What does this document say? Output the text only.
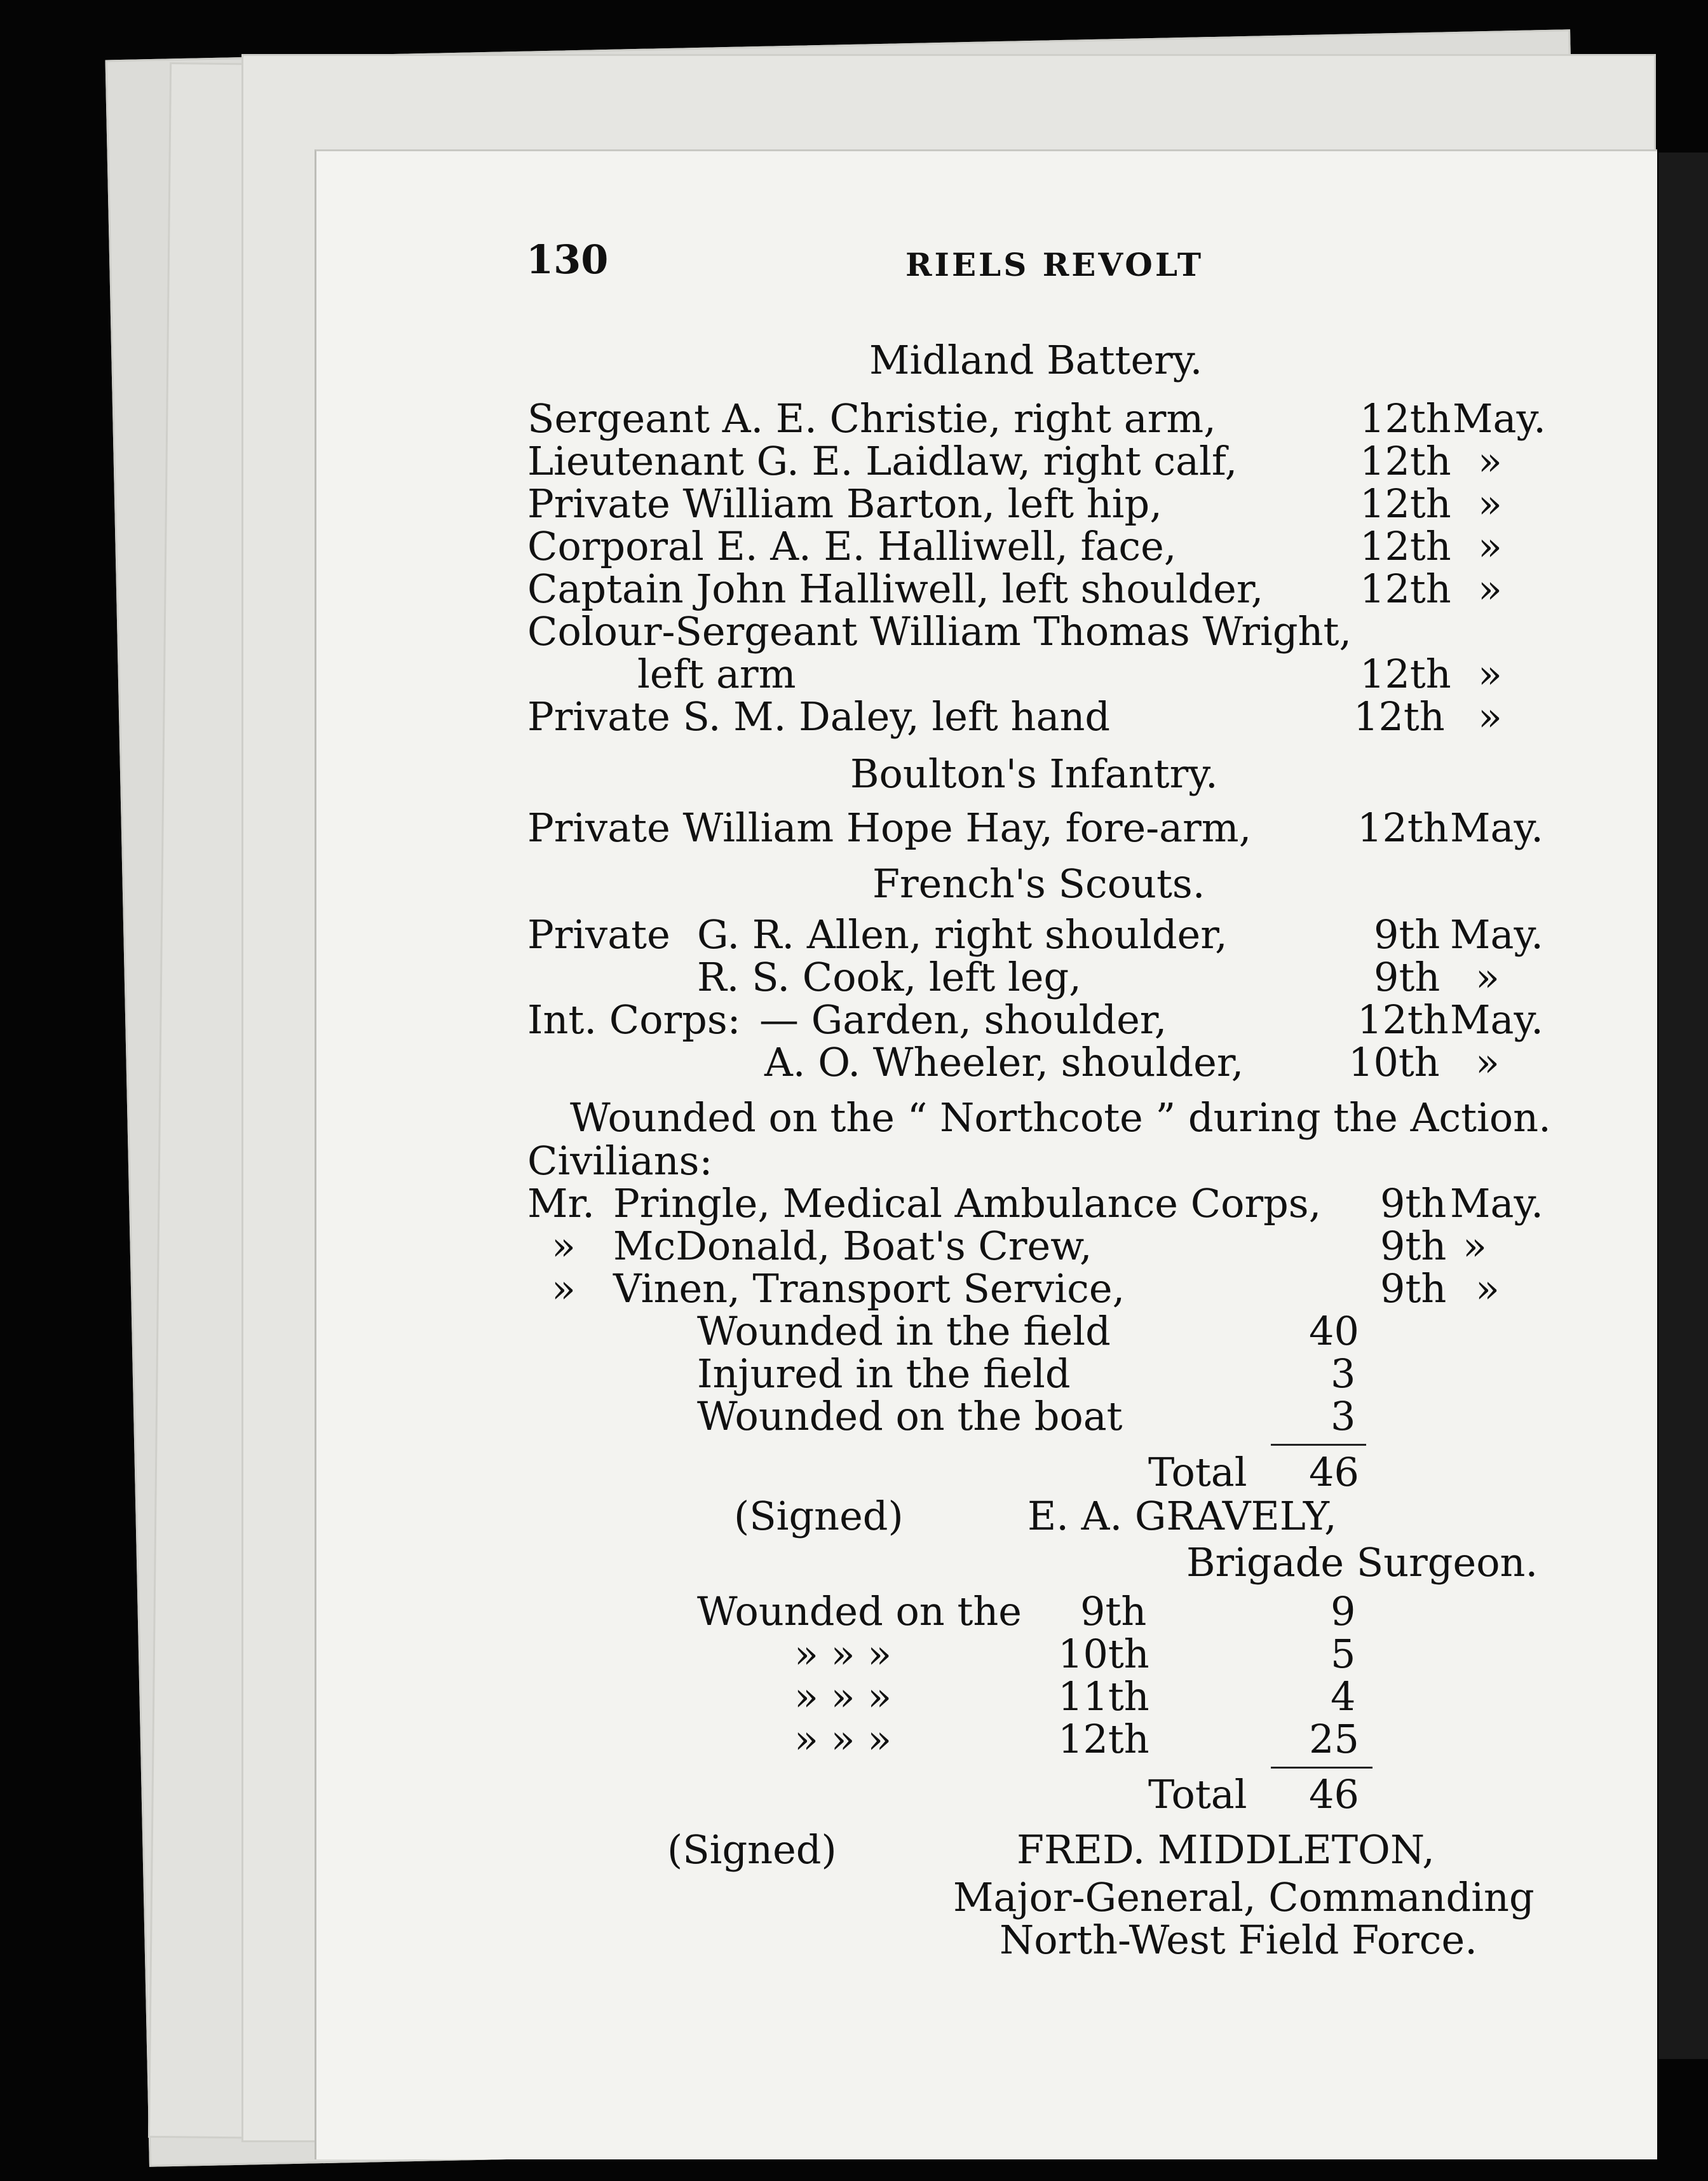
130	RIELS REVOLT
Midland Battery.
Sergeant A. E. Christie, right arm,	12th May.
Lieutenant G. E. Laidlaw, right calf,	12th »
Private William Barton, left hip,	12th »
Corporal E. A. E. Halliwell, face,	12th »
Captain John Halliwell, left shoulder, 12th »
Colour-Sergeant William Thomas Wright,
left arm	12th »
Private S. M. Daley, left hand	12th »
Boulton's Infantry.
Private William Hope Hay, fore-arm,	12th May.
French's Scouts.
Private G. R. Allen, right shoulder,	9th May.
R. S. Cook, left leg,	9th »
Int. Corps: — Garden, shoulder,	12th May.
A. O. Wheeler, shoulder,	10th »
Wounded on the “ Northcote ” during the Action.
Civilians:
Mr. Pringle, Medical Ambulance Corps, 9th May.
» McDonald, Boat's Crew,	9th »
» Vinen, Transport Service,	9th »
Wounded in the field	40
Injured in the field	3
Wounded on the boat	3
Total 46
(Signed)	E. A. GRAVELY,
Brigade Surgeon.
Wounded on the 9th	9
» » »	10th	5
» » »	11th	4
» » »	12th	25
Total 46
(Signed)	FRED. MIDDLETON,
Major-General, Commanding
North-West Field Force.
